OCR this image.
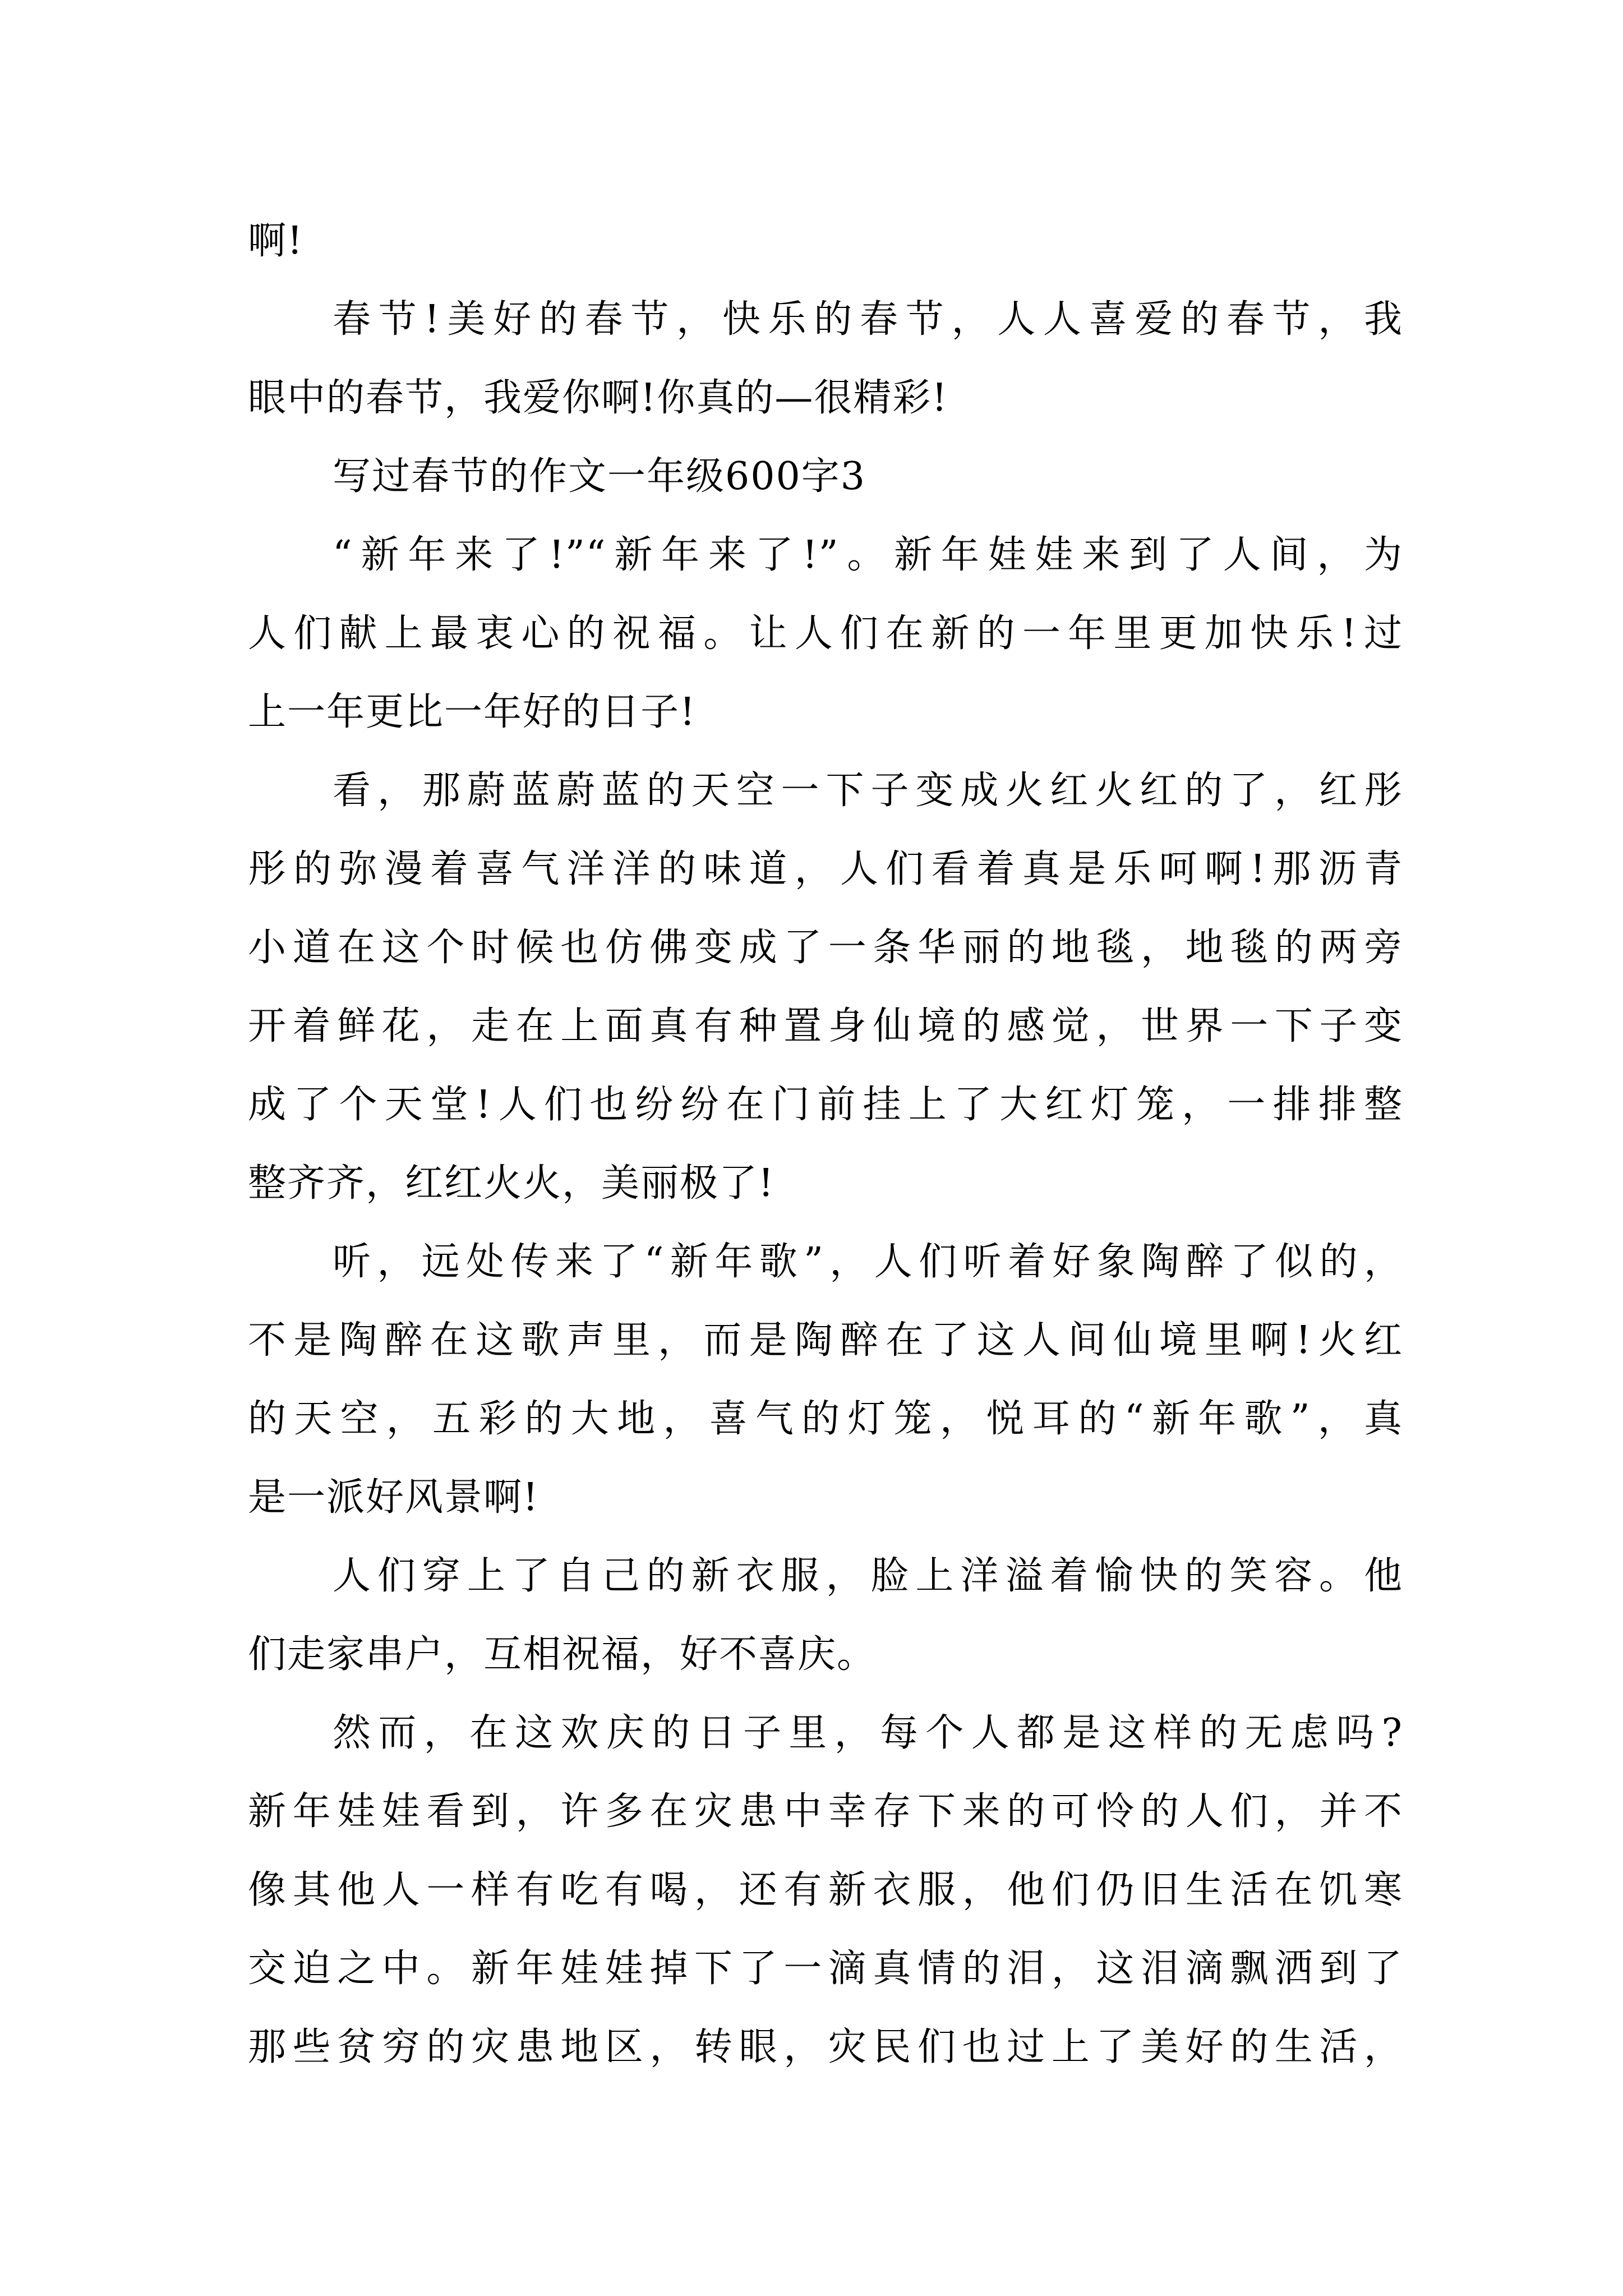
啊!
春节!美好的春节，快乐的春节，人人喜爱的春节，我
眼中的春节，我爱你啊!你真的—很精彩!
写过春节的作文一年级600字3
“新年来了!”“新年来了!”。新年娃娃来到了人间，为
人们献上最衷心的祝福。让人们在新的一年里更加快乐!过
上一年更比一年好的日子!
看，那蔚蓝蔚蓝的天空一下子变成火红火红的了，红彤
彤的弥漫着喜气洋洋的味道，人们看着真是乐呵啊!那沥青
小道在这个时候也仿佛变成了一条华丽的地毯，地毯的两旁
开着鲜花，走在上面真有种置身仙境的感觉，世界一下子变
成了个天堂!人们也纷纷在门前挂上了大红灯笼，一排排整
整齐齐，红红火火，美丽极了!
听，远处传来了“新年歌”，人们听着好象陶醉了似的，
不是陶醉在这歌声里，而是陶醉在了这人间仙境里啊!火红
的天空，五彩的大地，喜气的灯笼，悦耳的“新年歌”，真
是一派好风景啊!
人们穿上了自己的新衣服，脸上洋溢着愉快的笑容。他
们走家串户，互相祝福，好不喜庆。
然而，在这欢庆的日子里，每个人都是这样的无虑吗?
新年娃娃看到，许多在灾患中幸存下来的可怜的人们，并不
像其他人一样有吃有喝，还有新衣服，他们仍旧生活在饥寒
交迫之中。新年娃娃掉下了一滴真情的泪，这泪滴飘洒到了
那些贫穷的灾患地区，转眼，灾民们也过上了美好的生活，
